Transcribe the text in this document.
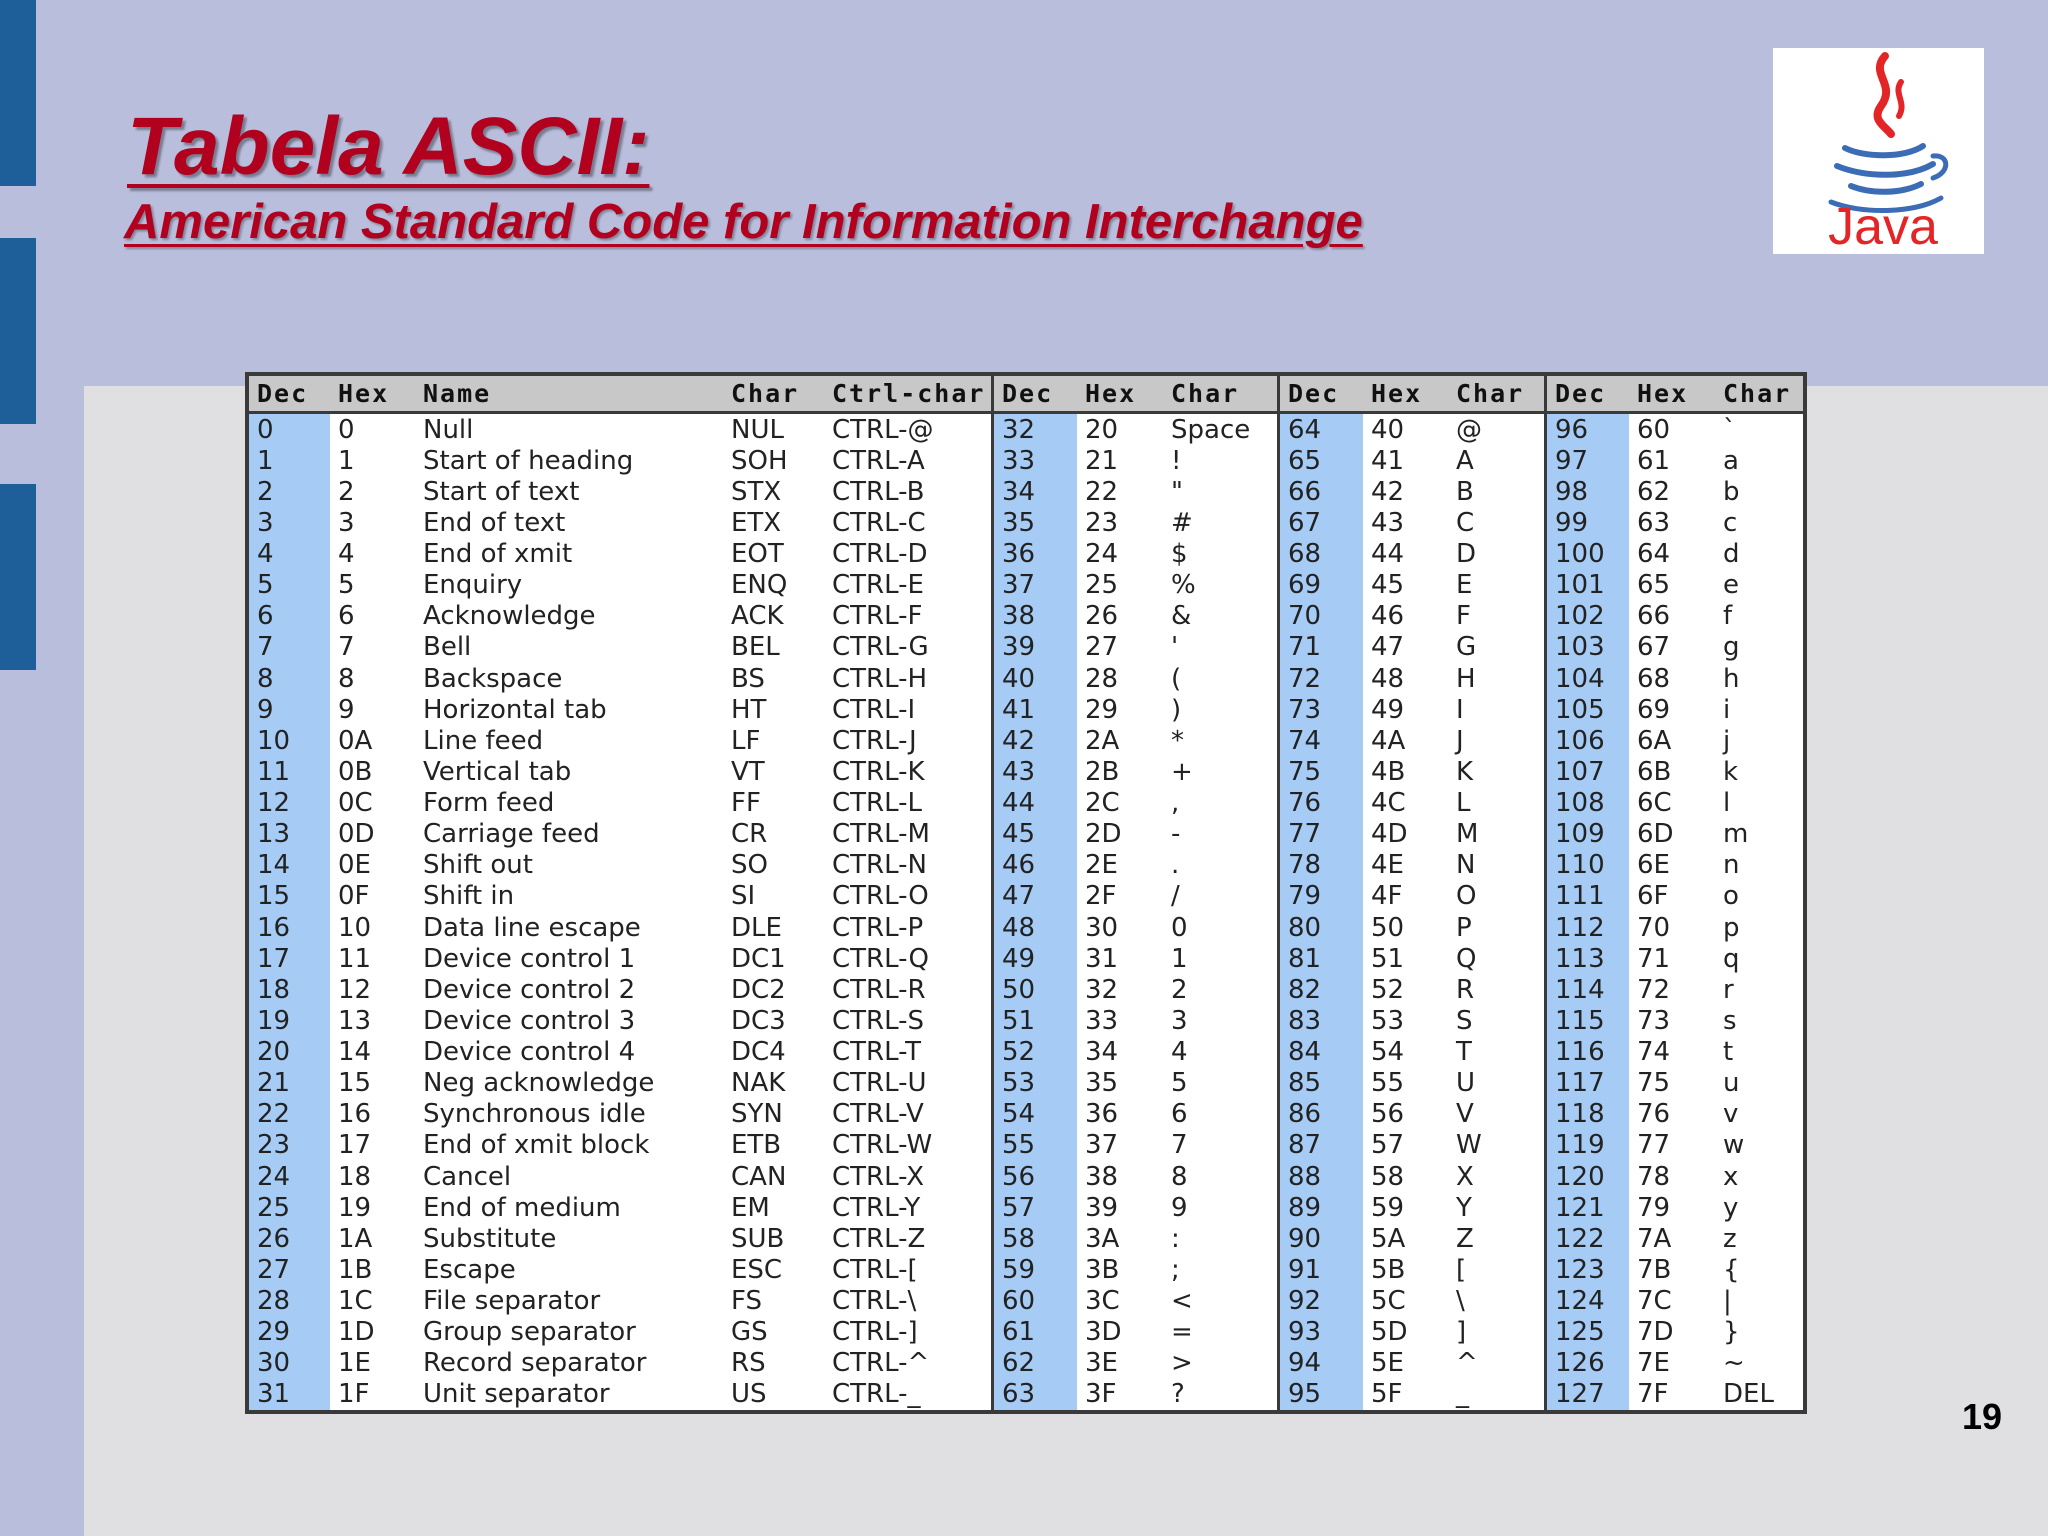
Tabela ASCII:
American Standard Code for Information Interchange	Java
Dec	Hex	Name	Char	Ctrl-char
0	0	Null	NUL	CTRL-@
1	1	Start of heading	SOH	CTRL-A
2	2	Start of text	STX	CTRL-B
3	3	End of text	ETX	CTRL-C
4	4	End of xmit	EOT	CTRL-D
5	5	Enquiry	ENQ	CTRL-E
6	6	Acknowledge	ACK	CTRL-F
7	7	Bell	BEL	CTRL-G
8	8	Backspace	BS	CTRL-H
9	9	Horizontal tab	HT	CTRL-I
10	0A	Line feed	LF	CTRL-J
11	0B	Vertical tab	VT	CTRL-K
12	0C	Form feed	FF	CTRL-L
13	0D	Carriage feed	CR	CTRL-M
14	0E	Shift out	SO	CTRL-N
15	0F	Shift in	SI	CTRL-O
16	10	Data line escape	DLE	CTRL-P
17	11	Device control 1	DC1	CTRL-Q
18	12	Device control 2	DC2	CTRL-R
19	13	Device control 3	DC3	CTRL-S
20	14	Device control 4	DC4	CTRL-T
21	15	Neg acknowledge	NAK	CTRL-U
22	16	Synchronous idle	SYN	CTRL-V
23	17	End of xmit block	ETB	CTRL-W
24	18	Cancel	CAN	CTRL-X
25	19	End of medium	EM	CTRL-Y
26	1A	Substitute	SUB	CTRL-Z
27	1B	Escape	ESC	CTRL-[
28	1C	File separator	FS	CTRL-\
29	1D	Group separator	GS	CTRL-]
30	1E	Record separator	RS	CTRL-^
31	1F	Unit separator	US	CTRL-_
Dec	Hex	Char
32	20	Space
33	21	!
34	22	"
35	23	#
36	24	$
37	25	%
38	26	&
39	27	'
40	28	(
41	29	)
42	2A	*
43	2B	+
44	2C	,
45	2D	-
46	2E	.
47	2F	/
48	30	0
49	31	1
50	32	2
51	33	3
52	34	4
53	35	5
54	36	6
55	37	7
56	38	8
57	39	9
58	3A	:
59	3B	;
60	3C	<
61	3D	=
62	3E	>
63	3F	?
Dec	Hex	Char
64	40	@
65	41	A
66	42	B
67	43	C
68	44	D
69	45	E
70	46	F
71	47	G
72	48	H
73	49	I
74	4A	J
75	4B	K
76	4C	L
77	4D	M
78	4E	N
79	4F	O
80	50	P
81	51	Q
82	52	R
83	53	S
84	54	T
85	55	U
86	56	V
87	57	W
88	58	X
89	59	Y
90	5A	Z
91	5B	[
92	5C	\
93	5D	]
94	5E	^
95	5F	_
Dec	Hex	Char
96	60	`
97	61	a
98	62	b
99	63	c
100	64	d
101	65	e
102	66	f
103	67	g
104	68	h
105	69	i
106	6A	j
107	6B	k
108	6C	l
109	6D	m
110	6E	n
111	6F	o
112	70	p
113	71	q
114	72	r
115	73	s
116	74	t
117	75	u
118	76	v
119	77	w
120	78	x
121	79	y
122	7A	z
123	7B	{
124	7C	|
125	7D	}
126	7E	~
127	7F	DEL
19
